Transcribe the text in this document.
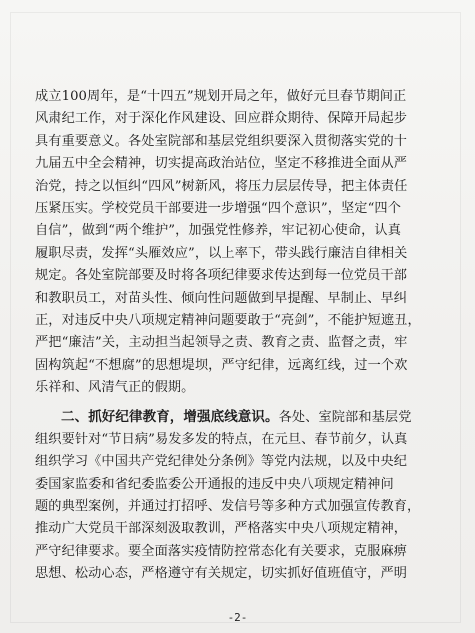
成立100周年，是“十四五”规划开局之年，做好元旦春节期间正
风肃纪工作，对于深化作风建设、回应群众期待、保障开局起步
具有重要意义。各处室院部和基层党组织要深入贯彻落实党的十
九届五中全会精神，切实提高政治站位，坚定不移推进全面从严
治党，持之以恒纠“四风”树新风，将压力层层传导，把主体责任
压紧压实。学校党员干部要进一步增强“四个意识”，坚定“四个
自信”，做到“两个维护”，加强党性修养，牢记初心使命，认真
履职尽责，发挥“头雁效应”，以上率下，带头践行廉洁自律相关
规定。各处室院部要及时将各项纪律要求传达到每一位党员干部
和教职员工，对苗头性、倾向性问题做到早提醒、早制止、早纠
正，对违反中央八项规定精神问题要敢于“亮剑”，不能护短遮丑，
严把“廉洁”关，主动担当起领导之责、教育之责、监督之责，牢
固构筑起“不想腐”的思想堤坝，严守纪律，远离红线，过一个欢
乐祥和、风清气正的假期。
二、抓好纪律教育，增强底线意识。各处、室院部和基层党
组织要针对“节日病”易发多发的特点，在元旦、春节前夕，认真
组织学习《中国共产党纪律处分条例》等党内法规，以及中央纪
委国家监委和省纪委监委公开通报的违反中央八项规定精神问
题的典型案例，并通过打招呼、发信号等多种方式加强宣传教育，
推动广大党员干部深刻汲取教训，严格落实中央八项规定精神，
严守纪律要求。要全面落实疫情防控常态化有关要求，克服麻痹
思想、松动心态，严格遵守有关规定，切实抓好值班值守，严明
-2-
